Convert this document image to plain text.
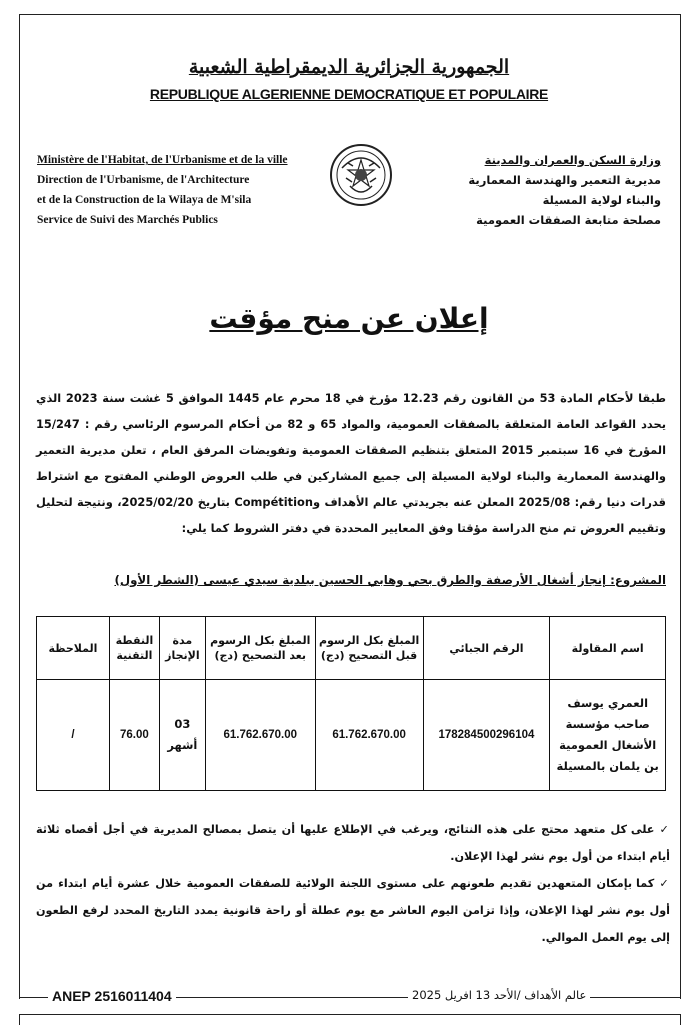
الجمهورية الجزائرية الديمقراطية الشعبية
REPUBLIQUE ALGERIENNE DEMOCRATIQUE ET POPULAIRE
Ministère de l'Habitat, de l'Urbanisme et de la ville
Direction de l'Urbanisme, de l'Architecture
et de la Construction de la Wilaya de M'sila
Service de Suivi des Marchés Publics
وزارة السكن والعمران والمدينة
مديرية التعمير والهندسة المعمارية
والبناء لولاية المسيلة
مصلحة متابعة الصفقات العمومية
إعلان عن منح مؤقت
طبقا لأحكام المادة 53 من القانون رقم 12.23 مؤرخ في 18 محرم عام 1445 الموافق 5 غشت سنة 2023 الذي يحدد القواعد العامة المتعلقة بالصفقات العمومية، والمواد 65 و 82 من أحكام المرسوم الرئاسي رقم : 15/247 المؤرخ في 16 سبتمبر 2015 المتعلق بتنظيم الصفقات العمومية وتفويضات المرفق العام ، تعلن مديرية التعمير والهندسة المعمارية والبناء لولاية المسيلة إلى جميع المشاركين في طلب العروض الوطني المفتوح مع اشتراط قدرات دنيا رقم: 2025/08 المعلن عنه بجريدتي عالم الأهداف وCompétition بتاريخ 2025/02/20، ونتيجة لتحليل وتقييم العروض تم منح الدراسة مؤقتا وفق المعايير المحددة في دفتر الشروط كما يلي:
المشروع: إنجاز أشغال الأرصفة والطرق بحي وهابي الحسين ببلدية سيدي عيسى (الشطر الأول)
اسم المقاولة	الرقم الجبائي	المبلغ بكل الرسوم قبل التصحيح (دج)	المبلغ بكل الرسوم بعد التصحيح (دج)	مدة الإنجاز	النقطة التقنية	الملاحظة
العمري يوسف صاحب مؤسسة الأشغال العمومية بن يلمان بالمسيلة	178284500296104	61.762.670.00	61.762.670.00	03 أشهر	76.00	/

✓ على كل متعهد محتج على هذه النتائج، ويرغب في الإطلاع عليها أن يتصل بمصالح المديرية في أجل أقصاه ثلاثة أيام ابتداء من أول يوم نشر لهذا الإعلان.

✓ كما بإمكان المتعهدين تقديم طعونهم على مستوى اللجنة الولائية للصفقات العمومية خلال عشرة أيام ابتداء من أول يوم نشر لهذا الإعلان، وإذا تزامن اليوم العاشر مع يوم عطلة أو راحة قانونية يمدد التاريخ المحدد لرفع الطعون إلى يوم العمل الموالي.

ANEP 2516011404	عالم الأهداف /الأحد 13 افريل 2025
